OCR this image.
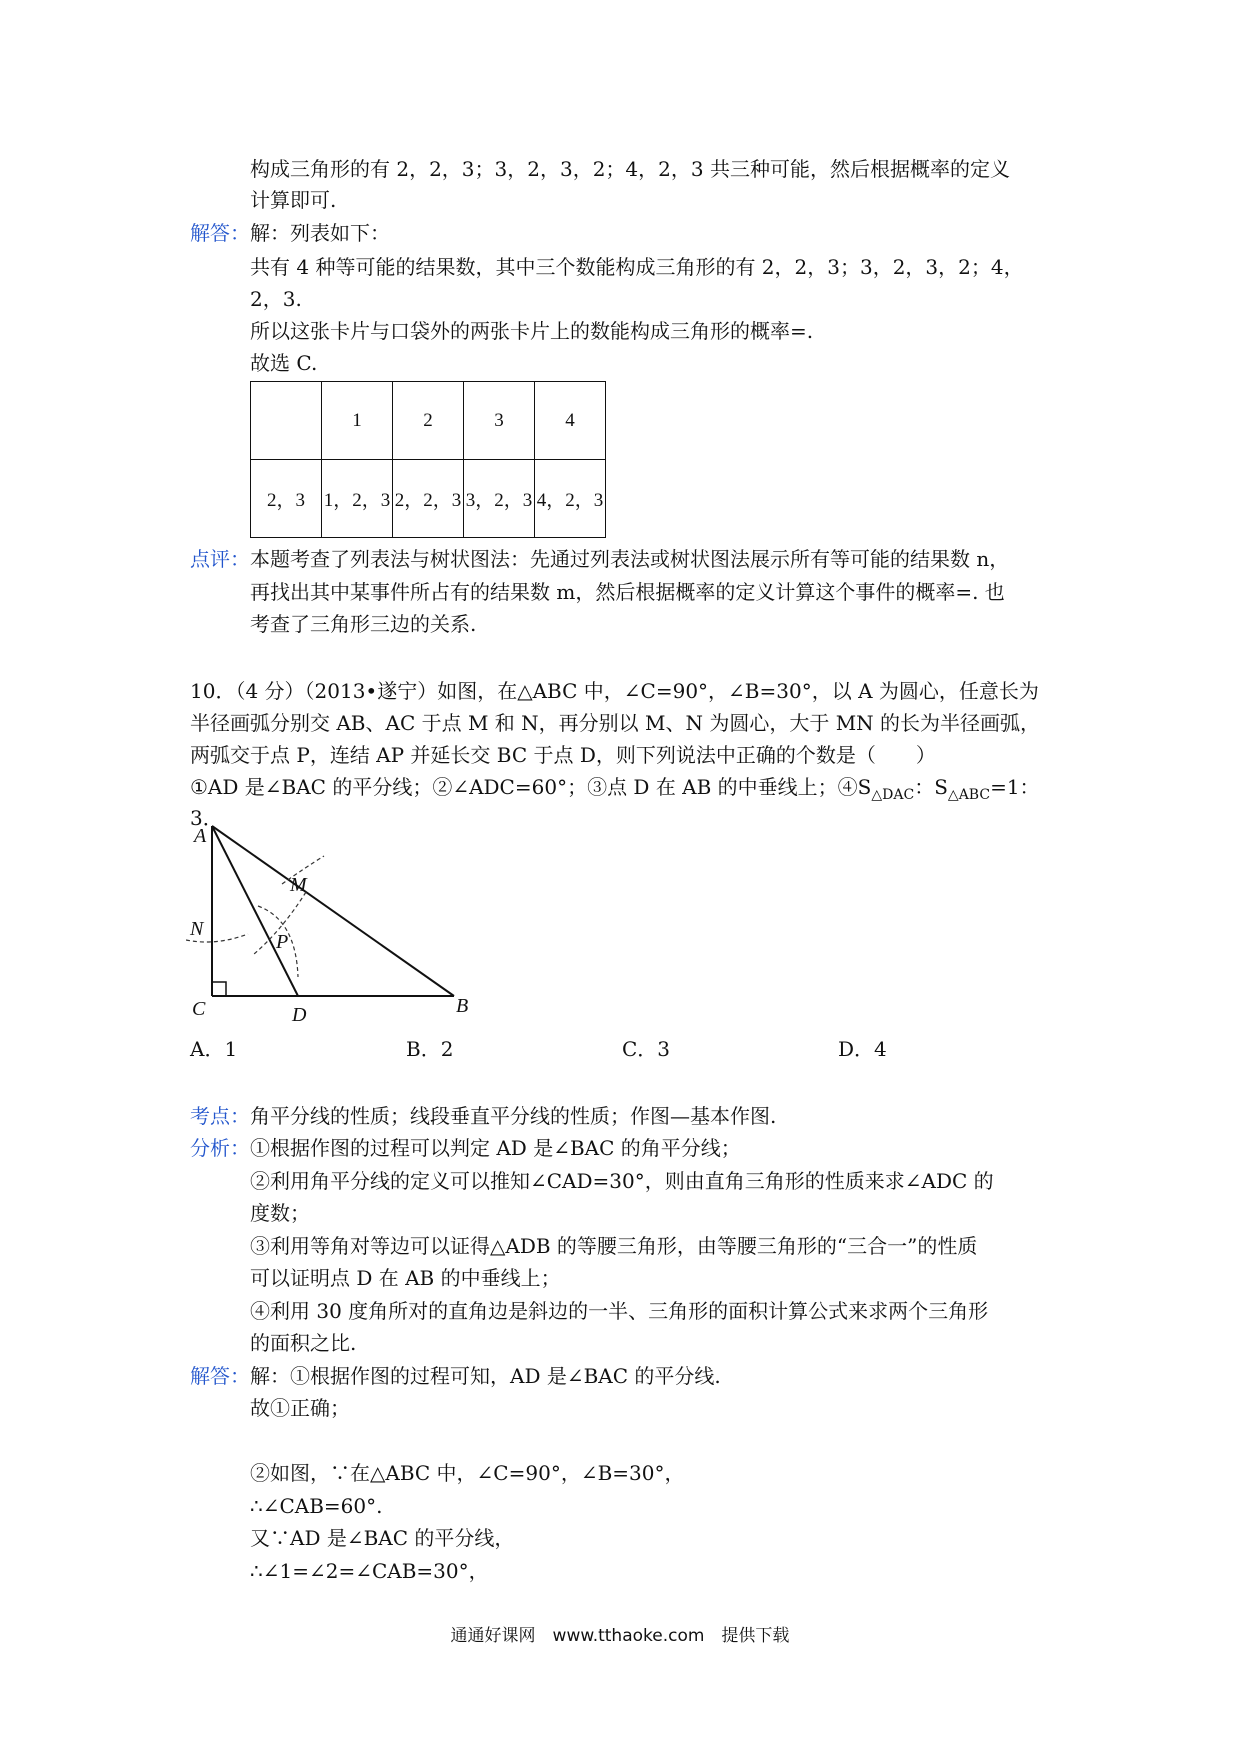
构成三角形的有 2，2，3；3，2，3，2；4，2，3 共三种可能，然后根据概率的定义
计算即可.
解答： 解：列表如下：
共有 4 种等可能的结果数，其中三个数能构成三角形的有 2，2，3；3，2，3，2；4，
2，3.
所以这张卡片与口袋外的两张卡片上的数能构成三角形的概率=.
故选 C.
	1	2	3	4
2，3	1，2，3	2，2，3	3，2，3	4，2，3
点评： 本题考查了列表法与树状图法：先通过列表法或树状图法展示所有等可能的结果数 n，
再找出其中某事件所占有的结果数 m，然后根据概率的定义计算这个事件的概率=. 也
考查了三角形三边的关系.
10．（4 分）（2013•遂宁）如图，在△ABC 中，∠C=90°，∠B=30°，以 A 为圆心，任意长为
半径画弧分别交 AB、AC 于点 M 和 N，再分别以 M、N 为圆心，大于 MN 的长为半径画弧，
两弧交于点 P，连结 AP 并延长交 BC 于点 D，则下列说法中正确的个数是（　　）
①AD 是∠BAC 的平分线；②∠ADC=60°；③点 D 在 AB 的中垂线上；$④S_{\triangle DAC}$：$S_{\triangle ABC}=1$：
3．
A
M
N
P
C	D	B
A．1	B．2	C．3	D．4
考点： 角平分线的性质；线段垂直平分线的性质；作图—基本作图.
分析： ①根据作图的过程可以判定 AD 是∠BAC 的角平分线；
②利用角平分线的定义可以推知∠CAD=30°，则由直角三角形的性质来求∠ADC 的
度数；
③利用等角对等边可以证得△ADB 的等腰三角形，由等腰三角形的“三合一”的性质
可以证明点 D 在 AB 的中垂线上；
④利用 30 度角所对的直角边是斜边的一半、三角形的面积计算公式来求两个三角形
的面积之比.
解答： 解：①根据作图的过程可知，AD 是∠BAC 的平分线.
故①正确；
②如图，∵在△ABC 中，∠C=90°，∠B=30°，
∴∠CAB=60°.
又∵AD 是∠BAC 的平分线，
∴∠1=∠2=∠CAB=30°，
通通好课网　www.tthaoke.com　提供下载
